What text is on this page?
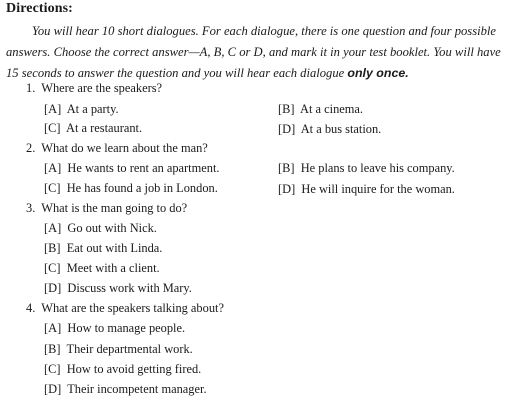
Directions:
You will hear 10 short dialogues. For each dialogue, there is one question and four possible answers. Choose the correct answer—A, B, C or D, and mark it in your test booklet. You will have 15 seconds to answer the question and you will hear each dialogue only once.
1. Where are the speakers?
[A]  At a party.	[B]  At a cinema.
[C]  At a restaurant.	[D]  At a bus station.
2. What do we learn about the man?
[A]  He wants to rent an apartment.	[B]  He plans to leave his company.
[C]  He has found a job in London.	[D]  He will inquire for the woman.
3. What is the man going to do?
[A]  Go out with Nick.
[B]  Eat out with Linda.
[C]  Meet with a client.
[D]  Discuss work with Mary.
4. What are the speakers talking about?
[A]  How to manage people.
[B]  Their departmental work.
[C]  How to avoid getting fired.
[D]  Their incompetent manager.
